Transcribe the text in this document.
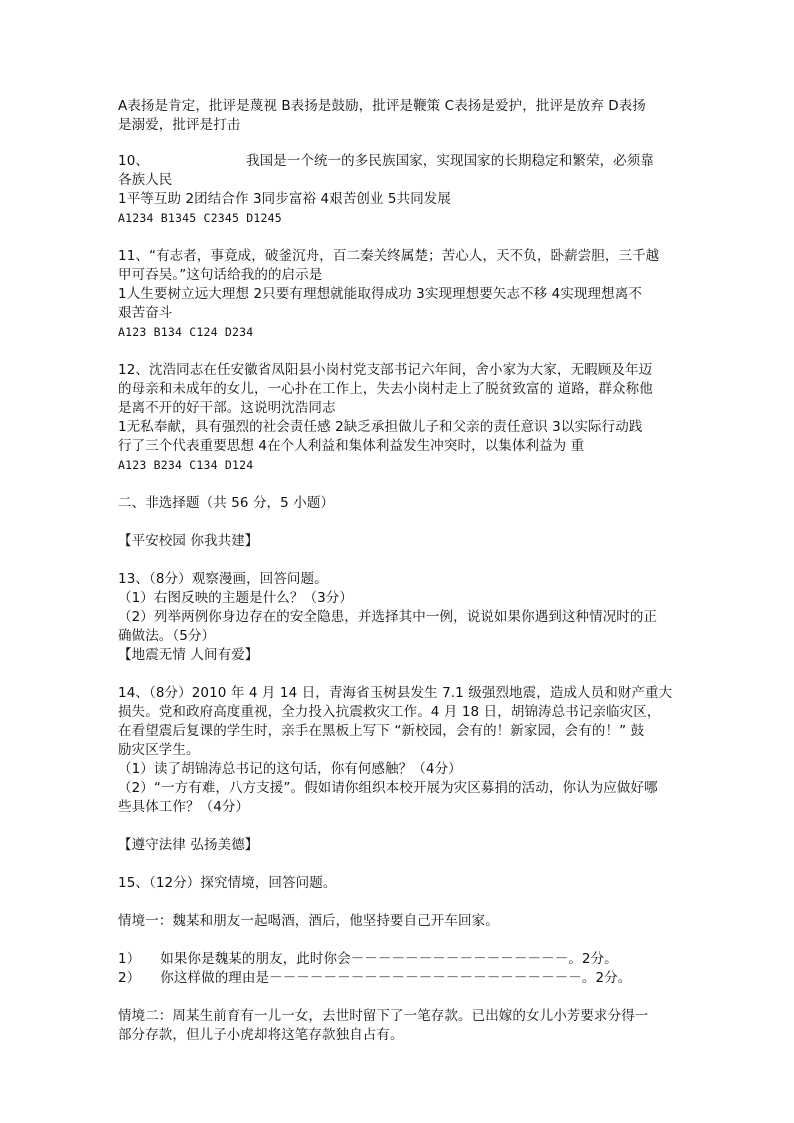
A表扬是肯定，批评是蔑视 B表扬是鼓励，批评是鞭策 C表扬是爱护，批评是放弃 D表扬
是溺爱，批评是打击
10、	我国是一个统一的多民族国家，实现国家的长期稳定和繁荣，必须靠
各族人民
1平等互助 2团结合作 3同步富裕 4艰苦创业 5共同发展
A1234 B1345 C2345 D1245
11、“有志者，事竟成，破釜沉舟，百二秦关终属楚；苦心人，天不负，卧薪尝胆，三千越
甲可吞吴。”这句话给我的的启示是
1人生要树立远大理想 2只要有理想就能取得成功 3实现理想要矢志不移 4实现理想离不
艰苦奋斗
A123 B134 C124 D234
12、沈浩同志在任安徽省凤阳县小岗村党支部书记六年间，舍小家为大家，无暇顾及年迈
的母亲和未成年的女儿，一心扑在工作上，失去小岗村走上了脱贫致富的 道路，群众称他
是离不开的好干部。这说明沈浩同志
1无私奉献，具有强烈的社会责任感 2缺乏承担做儿子和父亲的责任意识 3以实际行动践
行了三个代表重要思想 4在个人利益和集体利益发生冲突时，以集体利益为 重
A123 B234 C134 D124
二、非选择题（共 56 分，5 小题）
【平安校园 你我共建】
13、（8分）观察漫画，回答问题。
（1）右图反映的主题是什么？（3分）
（2）列举两例你身边存在的安全隐患，并选择其中一例，说说如果你遇到这种情况时的正
确做法。（5分）
【地震无情 人间有爱】
14、（8分）2010 年 4 月 14 日，青海省玉树县发生 7.1 级强烈地震，造成人员和财产重大
损失。党和政府高度重视，全力投入抗震救灾工作。4 月 18 日，胡锦涛总书记亲临灾区，
在看望震后复课的学生时，亲手在黑板上写下 “新校园，会有的！新家园，会有的！” 鼓
励灾区学生。
（1）读了胡锦涛总书记的这句话，你有何感触？（4分）
（2）“一方有难，八方支援”。假如请你组织本校开展为灾区募捐的活动，你认为应做好哪
些具体工作？（4分）
【遵守法律 弘扬美德】
15、（12分）探究情境，回答问题。
情境一：魏某和朋友一起喝酒，酒后，他坚持要自己开车回家。
1） 如果你是魏某的朋友，此时你会－－－－－－－－－－－－－－－－。2分。
2） 你这样做的理由是－－－－－－－－－－－－－－－－－－－－－－－。2分。
情境二：周某生前育有一儿一女，去世时留下了一笔存款。已出嫁的女儿小芳要求分得一
部分存款，但儿子小虎却将这笔存款独自占有。
